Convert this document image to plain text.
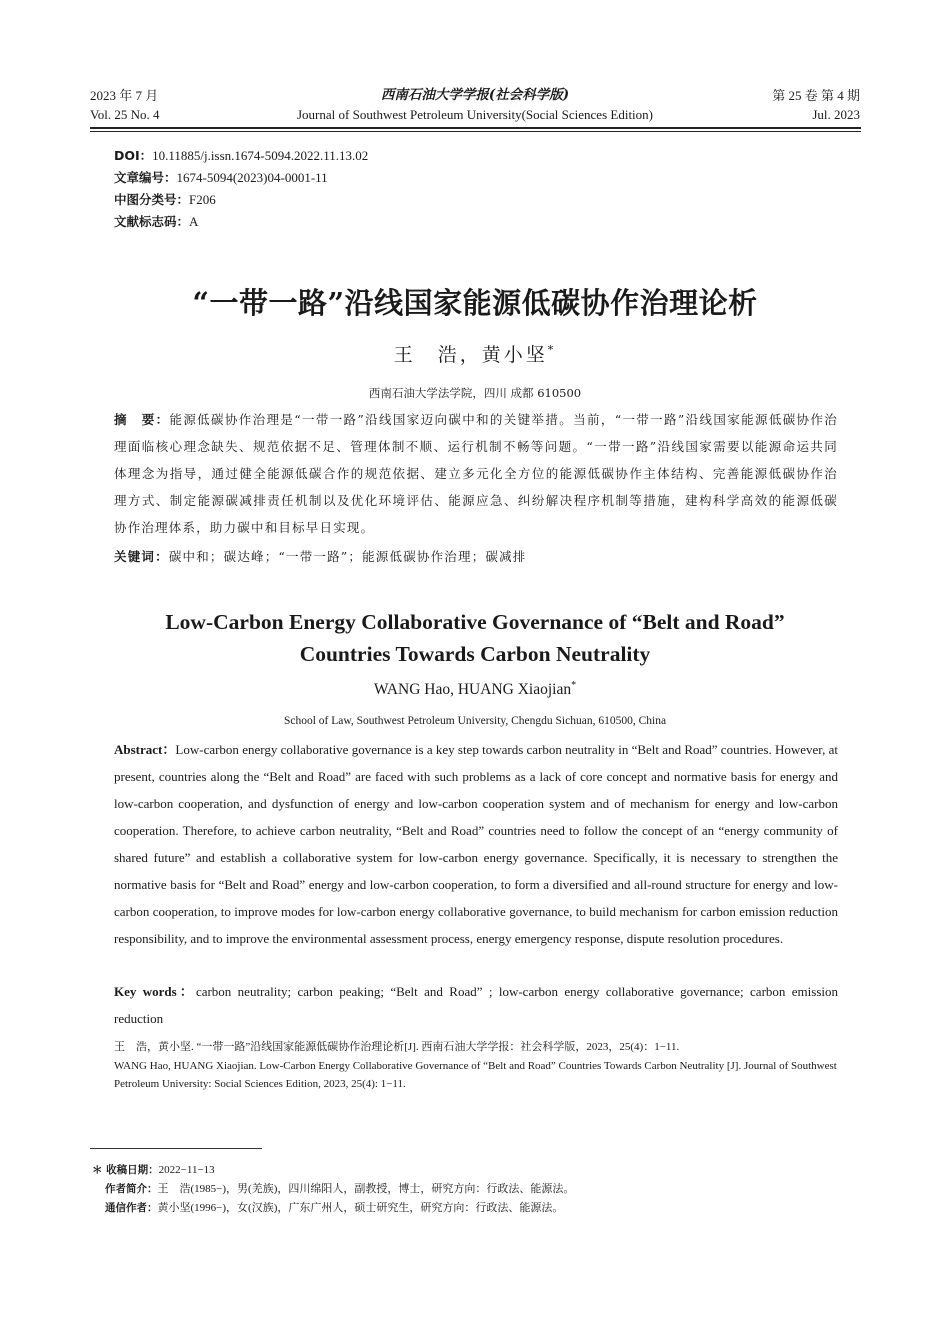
2023 年 7 月
Vol. 25 No. 4
西南石油大学学报(社会科学版)
Journal of Southwest Petroleum University(Social Sciences Edition)
第 25 卷 第 4 期
Jul. 2023
DOI：10.11885/j.issn.1674-5094.2022.11.13.02
文章编号：1674-5094(2023)04-0001-11
中图分类号：F206
文献标志码：A
“一带一路”沿线国家能源低碳协作治理论析
王　浩，黄小坚*
西南石油大学法学院，四川 成都 610500
摘　要：能源低碳协作治理是“一带一路”沿线国家迈向碳中和的关键举措。当前，“一带一路”沿线国家能源低碳协作治理面临核心理念缺失、规范依据不足、管理体制不顺、运行机制不畅等问题。“一带一路”沿线国家需要以能源命运共同体理念为指导，通过健全能源低碳合作的规范依据、建立多元化全方位的能源低碳协作主体结构、完善能源低碳协作治理方式、制定能源碳减排责任机制以及优化环境评估、能源应急、纠纷解决程序机制等措施，建构科学高效的能源低碳协作治理体系，助力碳中和目标早日实现。
关键词：碳中和；碳达峰；“一带一路”；能源低碳协作治理；碳减排
Low-Carbon Energy Collaborative Governance of “Belt and Road”
Countries Towards Carbon Neutrality
WANG Hao, HUANG Xiaojian*
School of Law, Southwest Petroleum University, Chengdu Sichuan, 610500, China
Abstract：Low-carbon energy collaborative governance is a key step towards carbon neutrality in “Belt and Road” countries. However, at present, countries along the “Belt and Road” are faced with such problems as a lack of core concept and normative basis for energy and low-carbon cooperation, and dysfunction of energy and low-carbon cooperation system and of mechanism for energy and low-carbon cooperation. Therefore, to achieve carbon neutrality, “Belt and Road” countries need to follow the concept of an “energy community of shared future” and establish a collaborative system for low-carbon energy governance. Specifically, it is necessary to strengthen the normative basis for “Belt and Road” energy and low-carbon cooperation, to form a diversified and all-round structure for energy and low-carbon cooperation, to improve modes for low-carbon energy collaborative governance, to build mechanism for carbon emission reduction responsibility, and to improve the environmental assessment process, energy emergency response, dispute resolution procedures.
Key words：carbon neutrality; carbon peaking; “Belt and Road” ; low-carbon energy collaborative governance; carbon emission reduction
王　浩，黄小坚. “一带一路”沿线国家能源低碳协作治理论析[J]. 西南石油大学学报：社会科学版，2023，25(4)：1−11.
WANG Hao, HUANG Xiaojian. Low-Carbon Energy Collaborative Governance of “Belt and Road” Countries Towards Carbon Neutrality [J]. Journal of Southwest Petroleum University: Social Sciences Edition, 2023, 25(4): 1−11.
＊ 收稿日期：2022−11−13
作者简介：王　浩(1985−)，男(羌族)，四川绵阳人，副教授，博士，研究方向：行政法、能源法。
通信作者：黄小坚(1996−)，女(汉族)，广东广州人，硕士研究生，研究方向：行政法、能源法。
